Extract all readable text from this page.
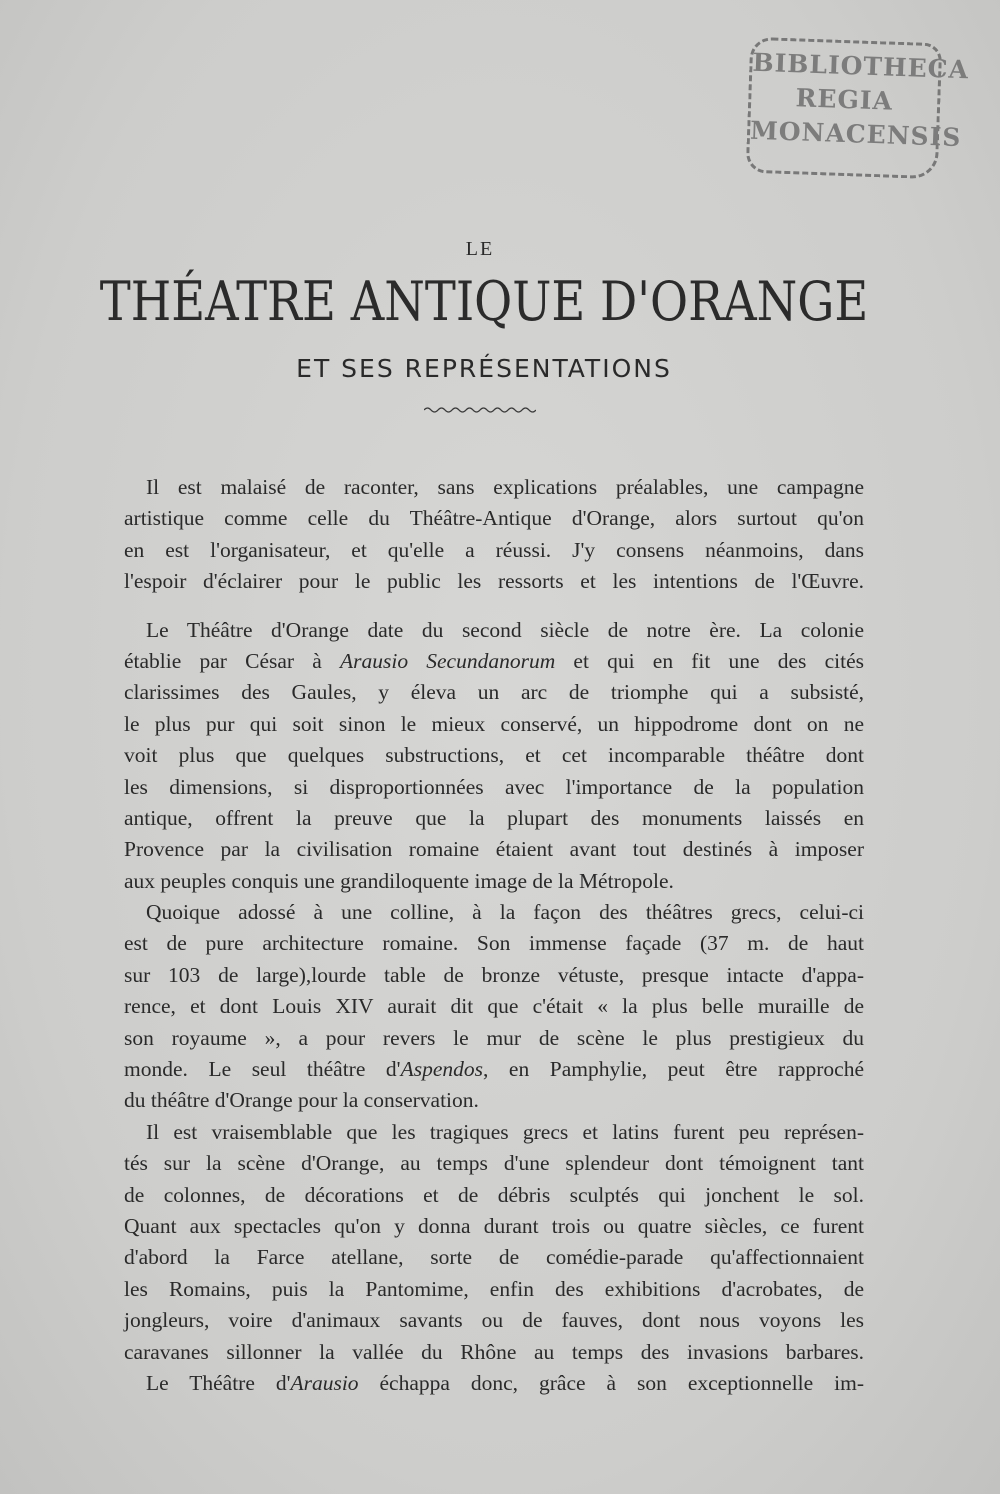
BIBLIOTHECA
REGIA
MONACENSIS
LE
THÉATRE ANTIQUE D'ORANGE
ET SES REPRÉSENTATIONS
Il est malaisé de raconter, sans explications préalables, une campagne
artistique comme celle du Théâtre-Antique d'Orange, alors surtout qu'on
en est l'organisateur, et qu'elle a réussi. J'y consens néanmoins, dans
l'espoir d'éclairer pour le public les ressorts et les intentions de l'Œuvre.
Le Théâtre d'Orange date du second siècle de notre ère. La colonie
établie par César à Arausio Secundanorum et qui en fit une des cités
clarissimes des Gaules, y éleva un arc de triomphe qui a subsisté,
le plus pur qui soit sinon le mieux conservé, un hippodrome dont on ne
voit plus que quelques substructions, et cet incomparable théâtre dont
les dimensions, si disproportionnées avec l'importance de la population
antique, offrent la preuve que la plupart des monuments laissés en
Provence par la civilisation romaine étaient avant tout destinés à imposer
aux peuples conquis une grandiloquente image de la Métropole.
Quoique adossé à une colline, à la façon des théâtres grecs, celui-ci
est de pure architecture romaine. Son immense façade (37 m. de haut
sur 103 de large),lourde table de bronze vétuste, presque intacte d'appa-
rence, et dont Louis XIV aurait dit que c'était « la plus belle muraille de
son royaume », a pour revers le mur de scène le plus prestigieux du
monde. Le seul théâtre d'Aspendos, en Pamphylie, peut être rapproché
du théâtre d'Orange pour la conservation.
Il est vraisemblable que les tragiques grecs et latins furent peu représen-
tés sur la scène d'Orange, au temps d'une splendeur dont témoignent tant
de colonnes, de décorations et de débris sculptés qui jonchent le sol.
Quant aux spectacles qu'on y donna durant trois ou quatre siècles, ce furent
d'abord la Farce atellane, sorte de comédie-parade qu'affectionnaient
les Romains, puis la Pantomime, enfin des exhibitions d'acrobates, de
jongleurs, voire d'animaux savants ou de fauves, dont nous voyons les
caravanes sillonner la vallée du Rhône au temps des invasions barbares.
Le Théâtre d'Arausio échappa donc, grâce à son exceptionnelle im-
